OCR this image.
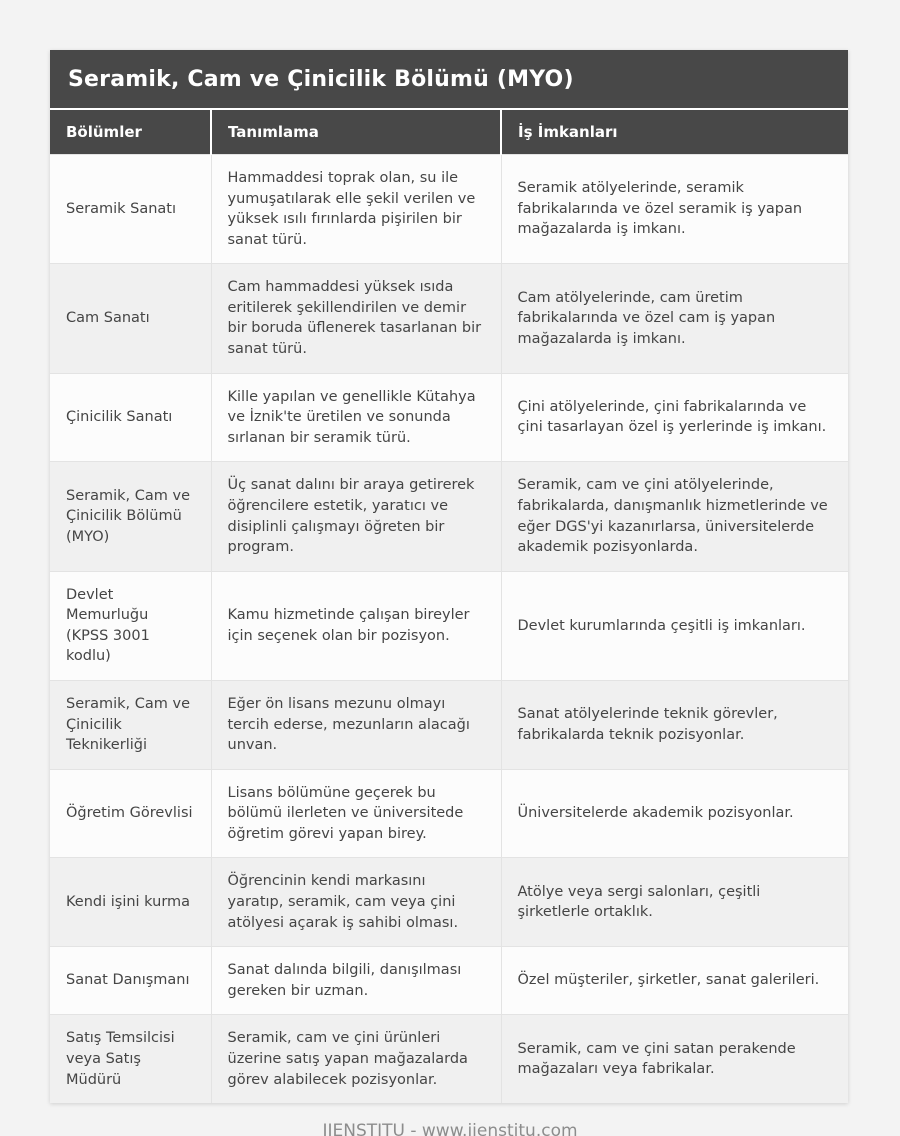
Seramik, Cam ve Çinicilik Bölümü (MYO)
Bölümler	Tanımlama	İş İmkanları
Seramik Sanatı	Hammaddesi toprak olan, su ile yumuşatılarak elle şekil verilen ve yüksek ısılı fırınlarda pişirilen bir sanat türü.	Seramik atölyelerinde, seramik fabrikalarında ve özel seramik iş yapan mağazalarda iş imkanı.
Cam Sanatı	Cam hammaddesi yüksek ısıda eritilerek şekillendirilen ve demir bir boruda üflenerek tasarlanan bir sanat türü.	Cam atölyelerinde, cam üretim fabrikalarında ve özel cam iş yapan mağazalarda iş imkanı.
Çinicilik Sanatı	Kille yapılan ve genellikle Kütahya ve İznik'te üretilen ve sonunda sırlanan bir seramik türü.	Çini atölyelerinde, çini fabrikalarında ve çini tasarlayan özel iş yerlerinde iş imkanı.
Seramik, Cam ve Çinicilik Bölümü (MYO)	Üç sanat dalını bir araya getirerek öğrencilere estetik, yaratıcı ve disiplinli çalışmayı öğreten bir program.	Seramik, cam ve çini atölyelerinde, fabrikalarda, danışmanlık hizmetlerinde ve eğer DGS'yi kazanırlarsa, üniversitelerde akademik pozisyonlarda.
Devlet Memurluğu (KPSS 3001 kodlu)	Kamu hizmetinde çalışan bireyler için seçenek olan bir pozisyon.	Devlet kurumlarında çeşitli iş imkanları.
Seramik, Cam ve Çinicilik Teknikerliği	Eğer ön lisans mezunu olmayı tercih ederse, mezunların alacağı unvan.	Sanat atölyelerinde teknik görevler, fabrikalarda teknik pozisyonlar.
Öğretim Görevlisi	Lisans bölümüne geçerek bu bölümü ilerleten ve üniversitede öğretim görevi yapan birey.	Üniversitelerde akademik pozisyonlar.
Kendi işini kurma	Öğrencinin kendi markasını yaratıp, seramik, cam veya çini atölyesi açarak iş sahibi olması.	Atölye veya sergi salonları, çeşitli şirketlerle ortaklık.
Sanat Danışmanı	Sanat dalında bilgili, danışılması gereken bir uzman.	Özel müşteriler, şirketler, sanat galerileri.
Satış Temsilcisi veya Satış Müdürü	Seramik, cam ve çini ürünleri üzerine satış yapan mağazalarda görev alabilecek pozisyonlar.	Seramik, cam ve çini satan perakende mağazaları veya fabrikalar.
IIENSTITU - www.iienstitu.com
